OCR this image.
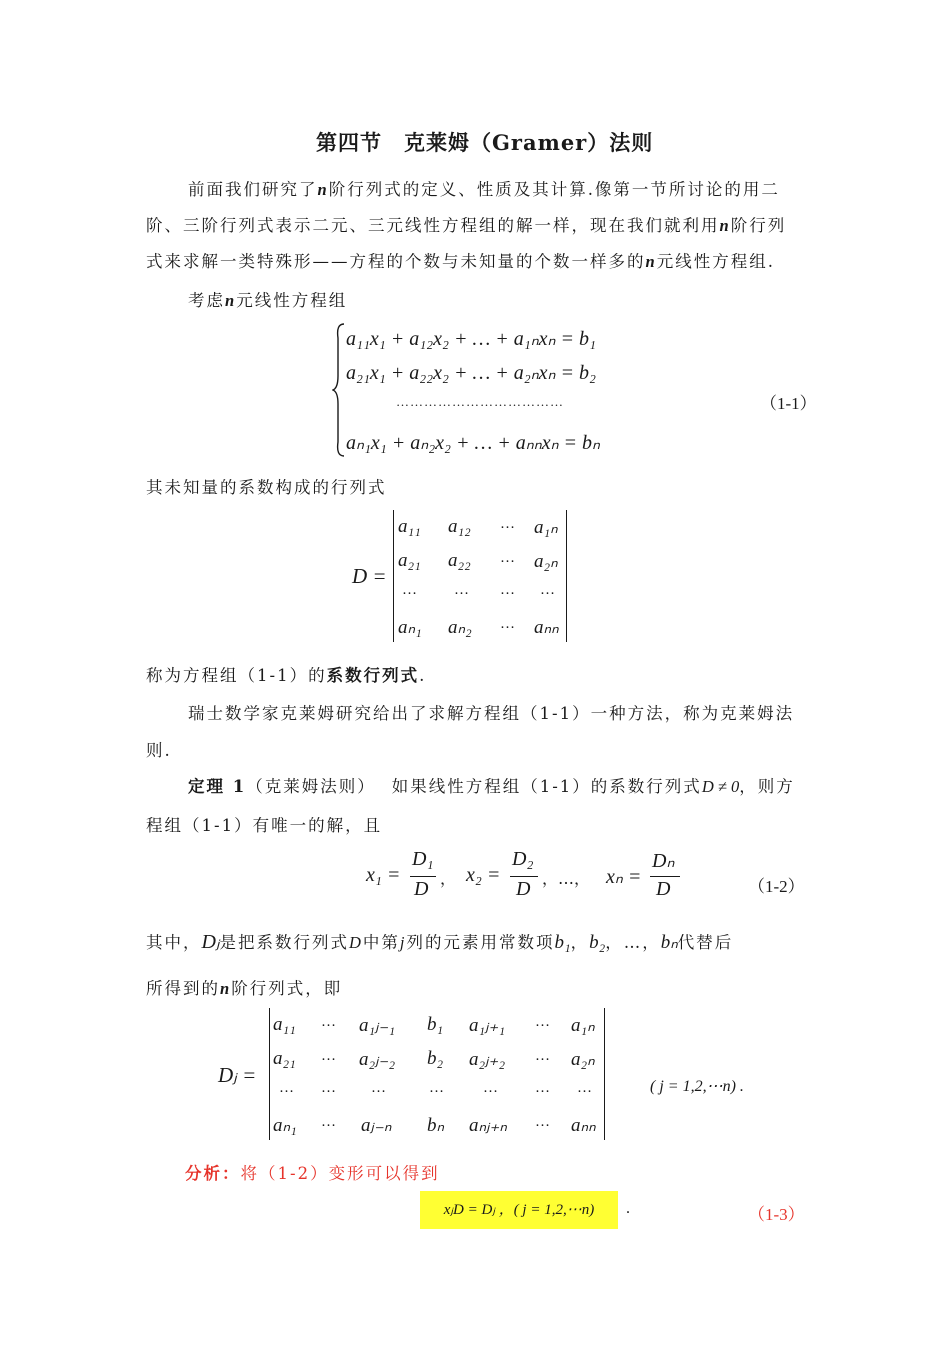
第四节　克莱姆（Gramer）法则
前面我们研究了n阶行列式的定义、性质及其计算.像第一节所讨论的用二
阶、三阶行列式表示二元、三元线性方程组的解一样，现在我们就利用n阶行列
式来求解一类特殊形——方程的个数与未知量的个数一样多的n元线性方程组.
考虑n元线性方程组
a₁₁x₁ + a₁₂x₂ + … + a₁ₙxₙ = b₁
a₂₁x₁ + a₂₂x₂ + … + a₂ₙxₙ = b₂
………………………………
aₙ₁x₁ + aₙ₂x₂ + … + aₙₙxₙ = bₙ
（1-1）
其未知量的系数构成的行列式
D =
a₁₁ a₁₂ … a₁ₙ
a₂₁ a₂₂ … a₂ₙ
… … … …
aₙ₁ aₙ₂ … aₙₙ
称为方程组（1-1）的系数行列式.
瑞士数学家克莱姆研究给出了求解方程组（1-1）一种方法，称为克莱姆法
则.
定理 1（克莱姆法则） 如果线性方程组（1-1）的系数行列式D ≠ 0，则方
程组（1-1）有唯一的解，且
x₁ =
D₁
D ， x₂ =
D₂
D ，…， xₙ =
Dₙ
D	（1-2）
其中，Dⱼ是把系数行列式D中第j列的元素用常数项b₁，b₂，…，bₙ代替后
所得到的n阶行列式，即
Dⱼ =
a₁₁ … a₁ⱼ₋₁ b₁ a₁ⱼ₊₁ … a₁ₙ
a₂₁ … a₂ⱼ₋₂ b₂ a₂ⱼ₊₂ … a₂ₙ
… … …	…	… … …
aₙ₁ … aⱼ₋ₙ bₙ aₙⱼ₊ₙ … aₙₙ
( j = 1,2,⋯n) .
分析：将（1-2）变形可以得到
xⱼD = Dⱼ ，( j = 1,2,⋯n)	.	（1-3）
